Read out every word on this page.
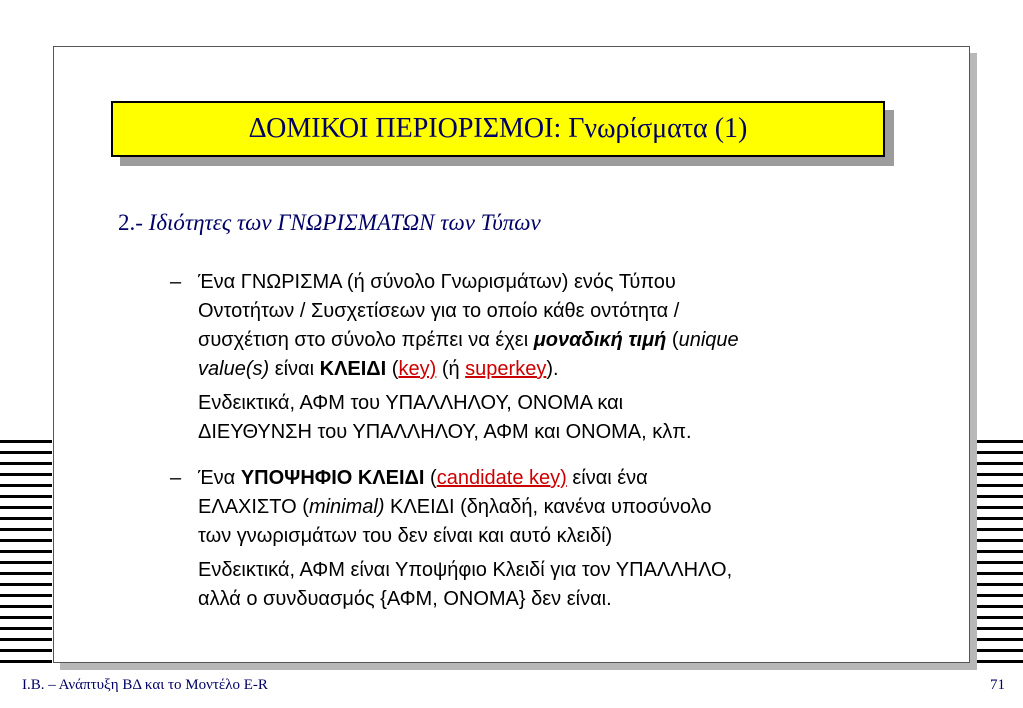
ΔΟΜΙΚΟΙ ΠΕΡΙΟΡΙΣΜΟΙ: Γνωρίσματα (1)
2.- Ιδιότητες των ΓΝΩΡΙΣΜΑΤΩΝ των Τύπων
– Ένα ΓΝΩΡΙΣΜΑ (ή σύνολο Γνωρισμάτων) ενός Τύπου
Οντοτήτων / Συσχετίσεων για το οποίο κάθε οντότητα /
συσχέτιση στο σύνολο πρέπει να έχει μοναδική τιμή (unique
value(s) είναι ΚΛΕΙΔΙ (key) (ή superkey).
Ενδεικτικά, ΑΦΜ του ΥΠΑΛΛΗΛΟΥ, ΟΝΟΜΑ και
ΔΙΕΥΘΥΝΣΗ του ΥΠΑΛΛΗΛΟΥ, ΑΦΜ και ΟΝΟΜΑ, κλπ.
– Ένα ΥΠΟΨΗΦΙΟ ΚΛΕΙΔΙ (candidate key) είναι ένα
ΕΛΑΧΙΣΤΟ (minimal) ΚΛΕΙΔΙ (δηλαδή, κανένα υποσύνολο
των γνωρισμάτων του δεν είναι και αυτό κλειδί)
Ενδεικτικά, ΑΦΜ είναι Υποψήφιο Κλειδί για τον ΥΠΑΛΛΗΛΟ,
αλλά ο συνδυασμός {ΑΦΜ, ΟΝΟΜΑ} δεν είναι.
Ι.Β. – Ανάπτυξη ΒΔ και το Μοντέλο E-R	71
